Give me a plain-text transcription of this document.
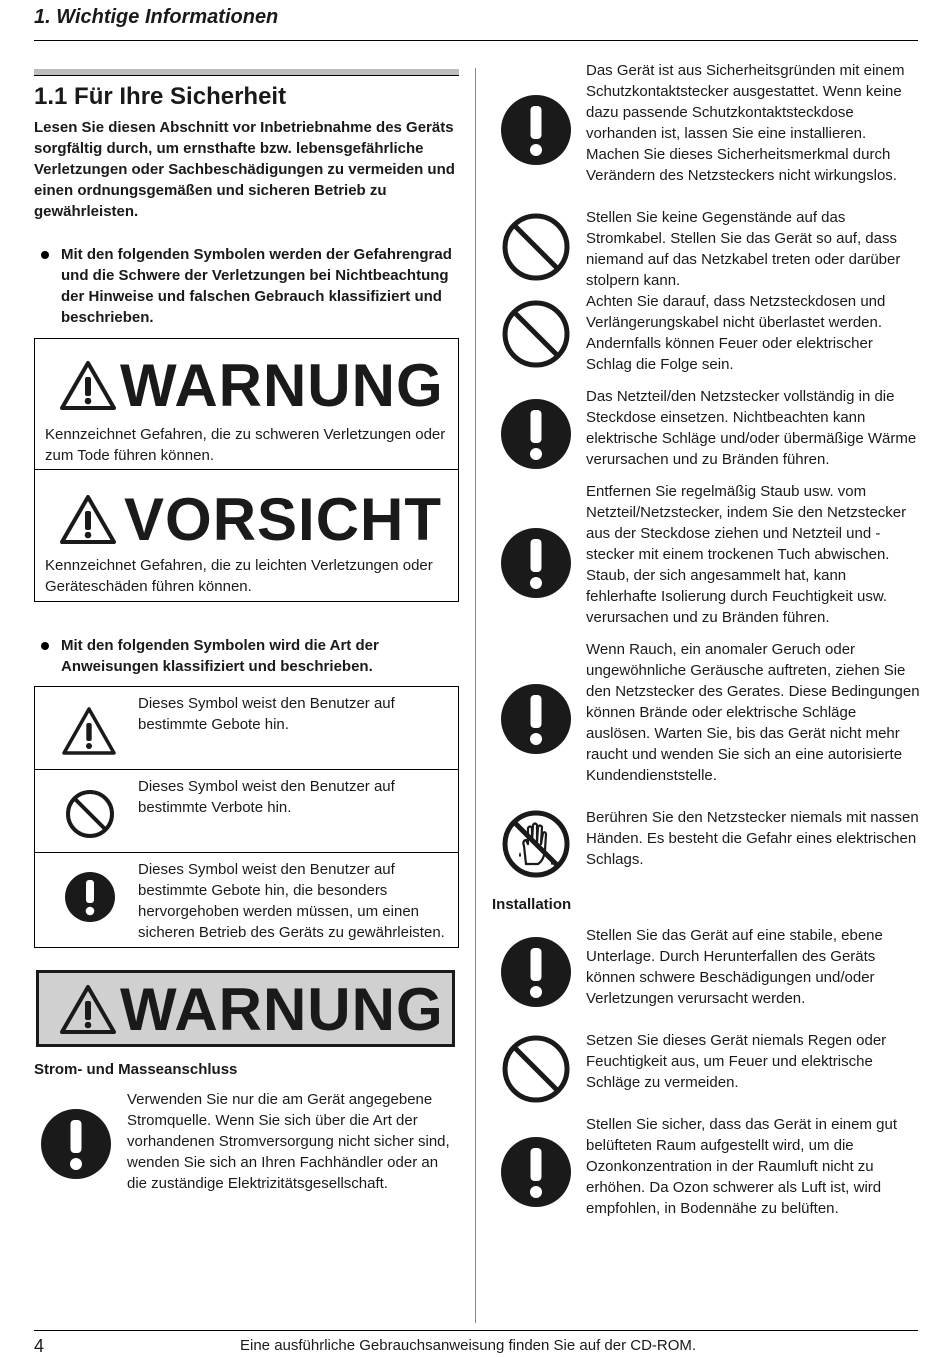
1. Wichtige Informationen
1.1 Für Ihre Sicherheit
Lesen Sie diesen Abschnitt vor Inbetriebnahme des Geräts sorgfältig durch, um ernsthafte bzw. lebensgefährliche Verletzungen oder Sachbeschädigungen zu vermeiden und einen ordnungsgemäßen und sicheren Betrieb zu gewährleisten.
Mit den folgenden Symbolen werden der Gefahrengrad und die Schwere der Verletzungen bei Nichtbeachtung der Hinweise und falschen Gebrauch klassifiziert und beschrieben.
WARNUNG
Kennzeichnet Gefahren, die zu schweren Verletzungen oder zum Tode führen können.
VORSICHT
Kennzeichnet Gefahren, die zu leichten Verletzungen oder Geräteschäden führen können.
Mit den folgenden Symbolen wird die Art der Anweisungen klassifiziert und beschrieben.
Dieses Symbol weist den Benutzer auf bestimmte Gebote hin.
Dieses Symbol weist den Benutzer auf bestimmte Verbote hin.
Dieses Symbol weist den Benutzer auf bestimmte Gebote hin, die besonders hervorgehoben werden müssen, um einen sicheren Betrieb des Geräts zu gewährleisten.
WARNUNG
Strom- und Masseanschluss
Verwenden Sie nur die am Gerät angegebene Stromquelle. Wenn Sie sich über die Art der vorhandenen Stromversorgung nicht sicher sind, wenden Sie sich an Ihren Fachhändler oder an die zuständige Elektrizitätsgesellschaft.
Das Gerät ist aus Sicherheitsgründen mit einem Schutzkontaktstecker ausgestattet. Wenn keine dazu passende Schutzkontaktsteckdose vorhanden ist, lassen Sie eine installieren. Machen Sie dieses Sicherheitsmerkmal durch Verändern des Netzsteckers nicht wirkungslos.
Stellen Sie keine Gegenstände auf das Stromkabel. Stellen Sie das Gerät so auf, dass niemand auf das Netzkabel treten oder darüber stolpern kann.
Achten Sie darauf, dass Netzsteckdosen und Verlängerungskabel nicht überlastet werden. Andernfalls können Feuer oder elektrischer Schlag die Folge sein.
Das Netzteil/den Netzstecker vollständig in die Steckdose einsetzen. Nichtbeachten kann elektrische Schläge und/oder übermäßige Wärme verursachen und zu Bränden führen.
Entfernen Sie regelmäßig Staub usw. vom Netzteil/Netzstecker, indem Sie den Netzstecker aus der Steckdose ziehen und Netzteil und -stecker mit einem trockenen Tuch abwischen. Staub, der sich angesammelt hat, kann fehlerhafte Isolierung durch Feuchtigkeit usw. verursachen und zu Bränden führen.
Wenn Rauch, ein anomaler Geruch oder ungewöhnliche Geräusche auftreten, ziehen Sie den Netzstecker des Gerates. Diese Bedingungen können Brände oder elektrische Schläge auslösen. Warten Sie, bis das Gerät nicht mehr raucht und wenden Sie sich an eine autorisierte Kundendienststelle.
Berühren Sie den Netzstecker niemals mit nassen Händen. Es besteht die Gefahr eines elektrischen Schlags.
Installation
Stellen Sie das Gerät auf eine stabile, ebene Unterlage. Durch Herunterfallen des Geräts können schwere Beschädigungen und/oder Verletzungen verursacht werden.
Setzen Sie dieses Gerät niemals Regen oder Feuchtigkeit aus, um Feuer und elektrische Schläge zu vermeiden.
Stellen Sie sicher, dass das Gerät in einem gut belüfteten Raum aufgestellt wird, um die Ozonkonzentration in der Raumluft nicht zu erhöhen. Da Ozon schwerer als Luft ist, wird empfohlen, in Bodennähe zu belüften.
4	Eine ausführliche Gebrauchsanweisung finden Sie auf der CD-ROM.
